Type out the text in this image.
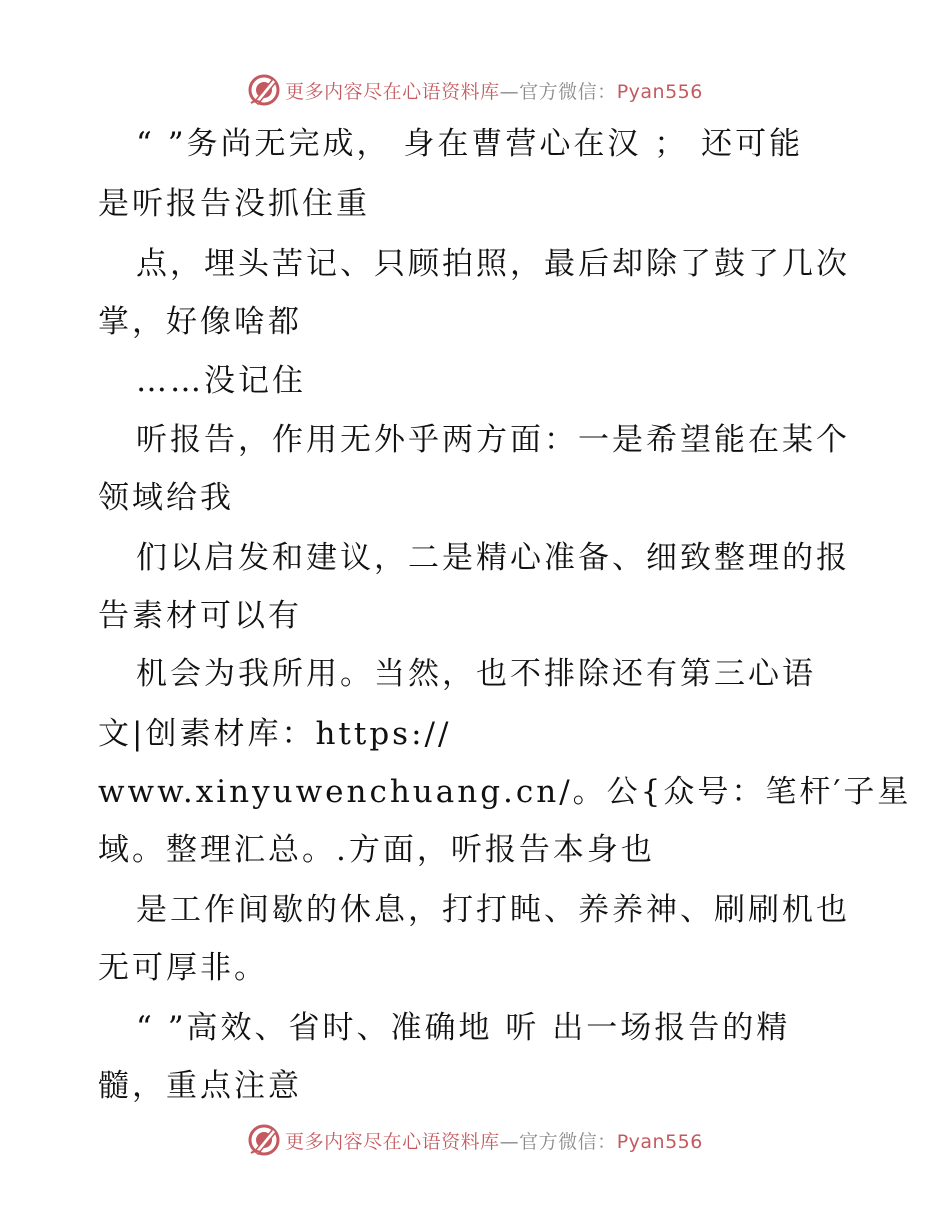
更多内容尽在心语资料库—官方微信：Pyan556
“ ”务尚无完成， 身在曹营心在汉 ； 还可能
是听报告没抓住重
点，埋头苦记、只顾拍照，最后却除了鼓了几次
掌，好像啥都
……没记住
听报告，作用无外乎两方面：一是希望能在某个
领域给我
们以启发和建议，二是精心准备、细致整理的报
告素材可以有
机会为我所用。当然，也不排除还有第三心语
文|创素材库：https://
www.xinyuwenchuang.cn/。公{众号：笔杆′子星
域。整理汇总。.方面，听报告本身也
是工作间歇的休息，打打盹、养养神、刷刷机也
无可厚非。
“ ”高效、省时、准确地 听 出一场报告的精
髓，重点注意
更多内容尽在心语资料库—官方微信：Pyan556
